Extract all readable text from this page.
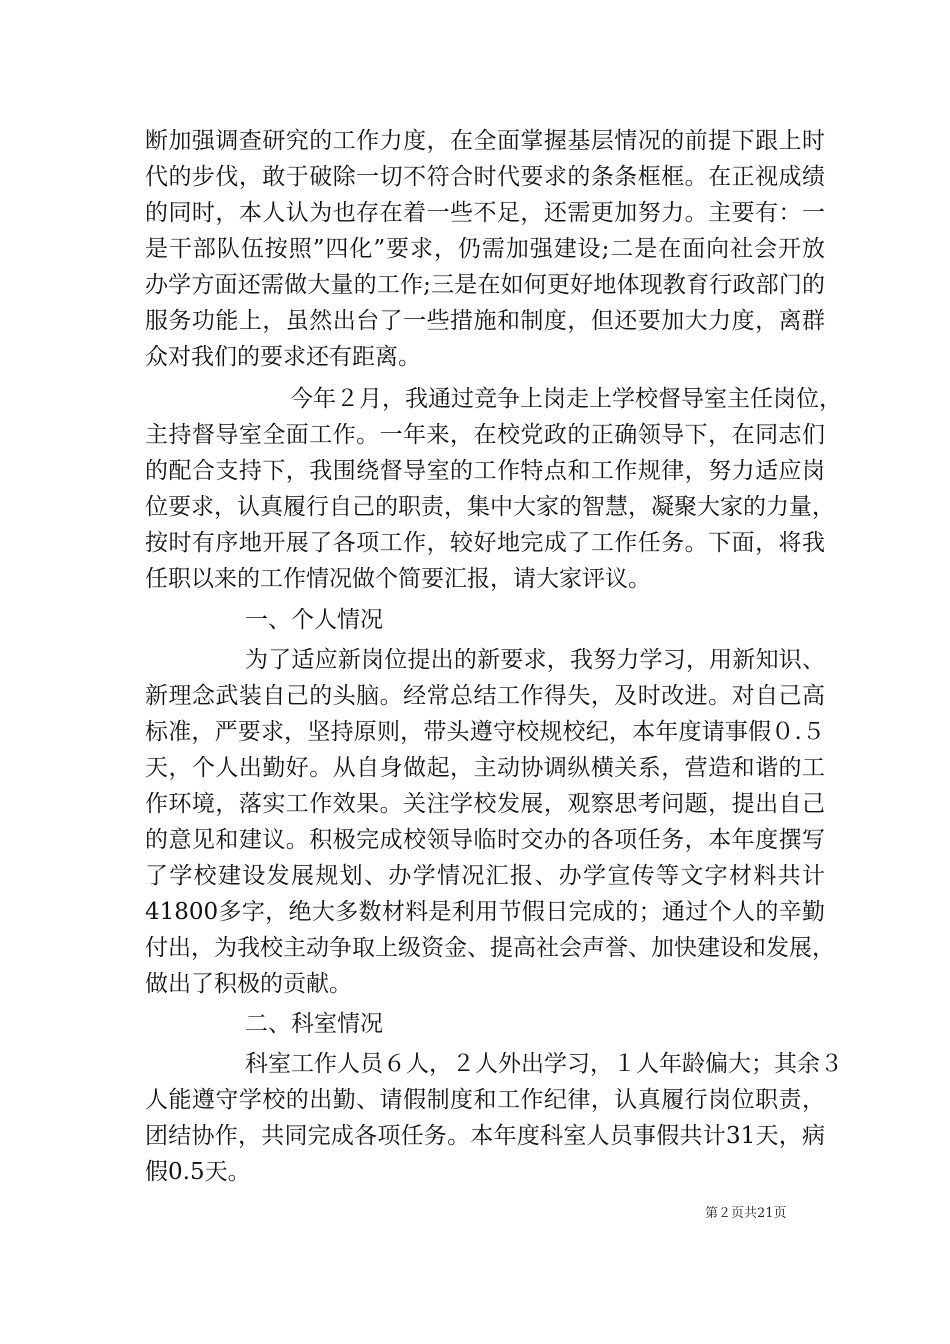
断加强调查研究的工作力度，在全面掌握基层情况的前提下跟上时
代的步伐，敢于破除一切不符合时代要求的条条框框。在正视成绩
的同时，本人认为也存在着一些不足，还需更加努力。主要有：一
是干部队伍按照”四化”要求，仍需加强建设;二是在面向社会开放
办学方面还需做大量的工作;三是在如何更好地体现教育行政部门的
服务功能上，虽然出台了一些措施和制度，但还要加大力度，离群
众对我们的要求还有距离。
今年２月，我通过竞争上岗走上学校督导室主任岗位，
主持督导室全面工作。一年来，在校党政的正确领导下，在同志们
的配合支持下，我围绕督导室的工作特点和工作规律，努力适应岗
位要求，认真履行自己的职责，集中大家的智慧，凝聚大家的力量，
按时有序地开展了各项工作，较好地完成了工作任务。下面，将我
任职以来的工作情况做个简要汇报，请大家评议。
一、个人情况
为了适应新岗位提出的新要求，我努力学习，用新知识、
新理念武装自己的头脑。经常总结工作得失，及时改进。对自己高
标准，严要求，坚持原则，带头遵守校规校纪，本年度请事假０.５
天，个人出勤好。从自身做起，主动协调纵横关系，营造和谐的工
作环境，落实工作效果。关注学校发展，观察思考问题，提出自己
的意见和建议。积极完成校领导临时交办的各项任务，本年度撰写
了学校建设发展规划、办学情况汇报、办学宣传等文字材料共计
41800多字，绝大多数材料是利用节假日完成的；通过个人的辛勤
付出，为我校主动争取上级资金、提高社会声誉、加快建设和发展，
做出了积极的贡献。
二、科室情况
科室工作人员６人，２人外出学习，１人年龄偏大；其余３
人能遵守学校的出勤、请假制度和工作纪律，认真履行岗位职责，
团结协作，共同完成各项任务。本年度科室人员事假共计31天，病
假0.5天。
第２页共21页
